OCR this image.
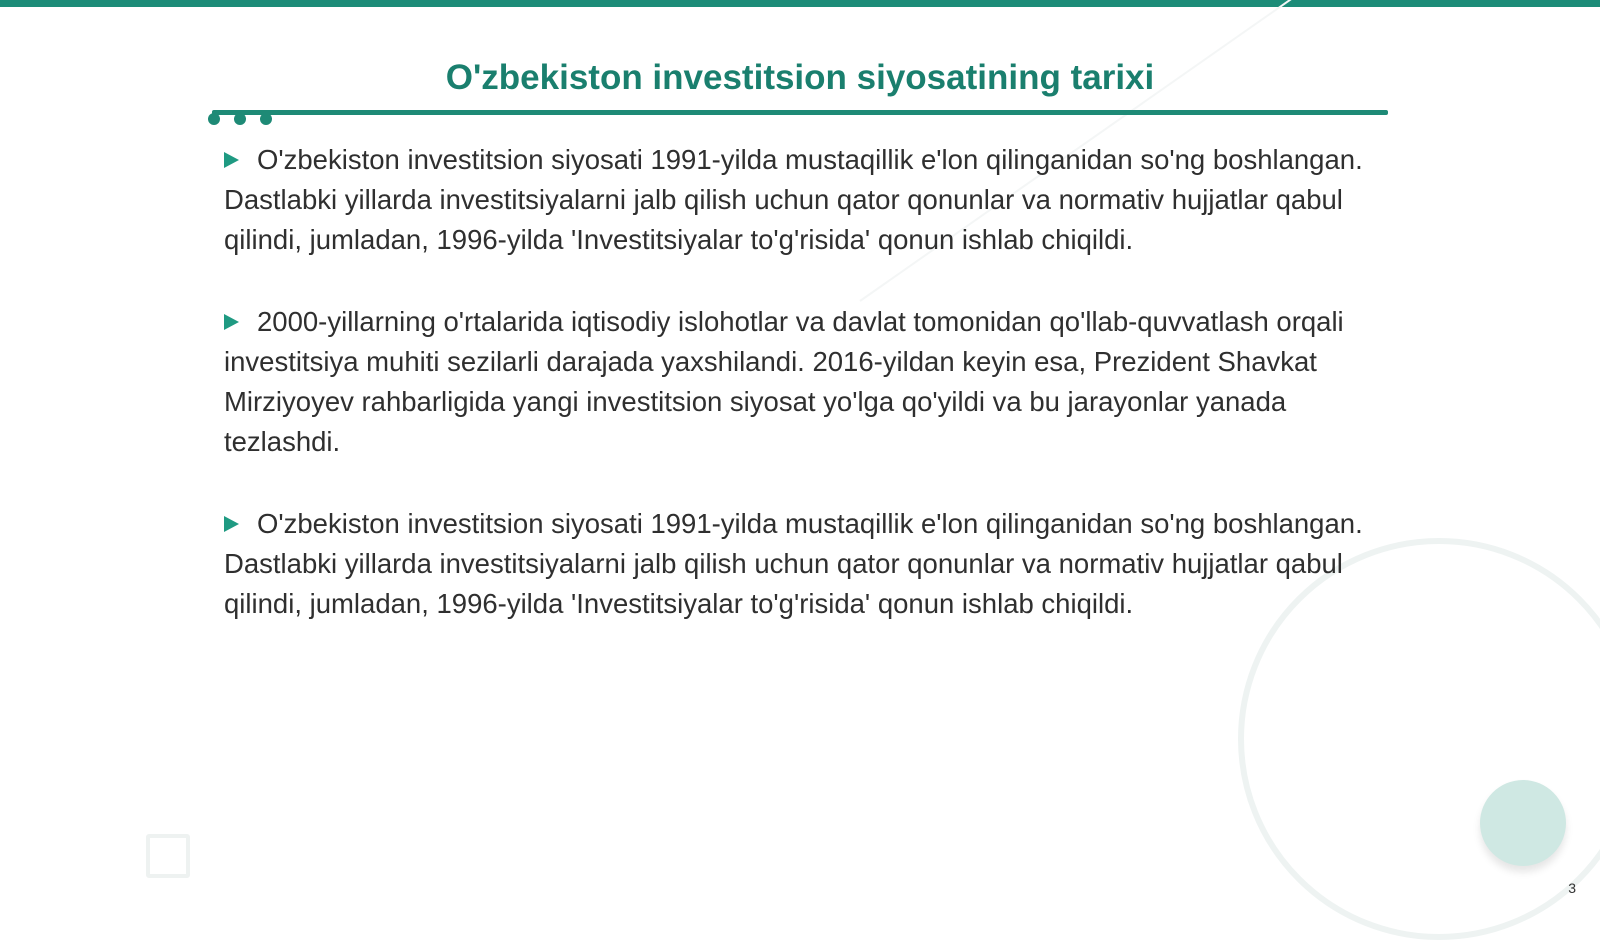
O'zbekiston investitsion siyosatining tarixi

O'zbekiston investitsion siyosati 1991-yilda mustaqillik e'lon qilinganidan so'ng boshlangan. Dastlabki yillarda investitsiyalarni jalb qilish uchun qator qonunlar va normativ hujjatlar qabul qilindi, jumladan, 1996-yilda 'Investitsiyalar to'g'risida' qonun ishlab chiqildi.

2000-yillarning o'rtalarida iqtisodiy islohotlar va davlat tomonidan qo'llab-quvvatlash orqali investitsiya muhiti sezilarli darajada yaxshilandi. 2016-yildan keyin esa, Prezident Shavkat Mirziyoyev rahbarligida yangi investitsion siyosat yo'lga qo'yildi va bu jarayonlar yanada tezlashdi.

O'zbekiston investitsion siyosati 1991-yilda mustaqillik e'lon qilinganidan so'ng boshlangan. Dastlabki yillarda investitsiyalarni jalb qilish uchun qator qonunlar va normativ hujjatlar qabul qilindi, jumladan, 1996-yilda 'Investitsiyalar to'g'risida' qonun ishlab chiqildi.

3
